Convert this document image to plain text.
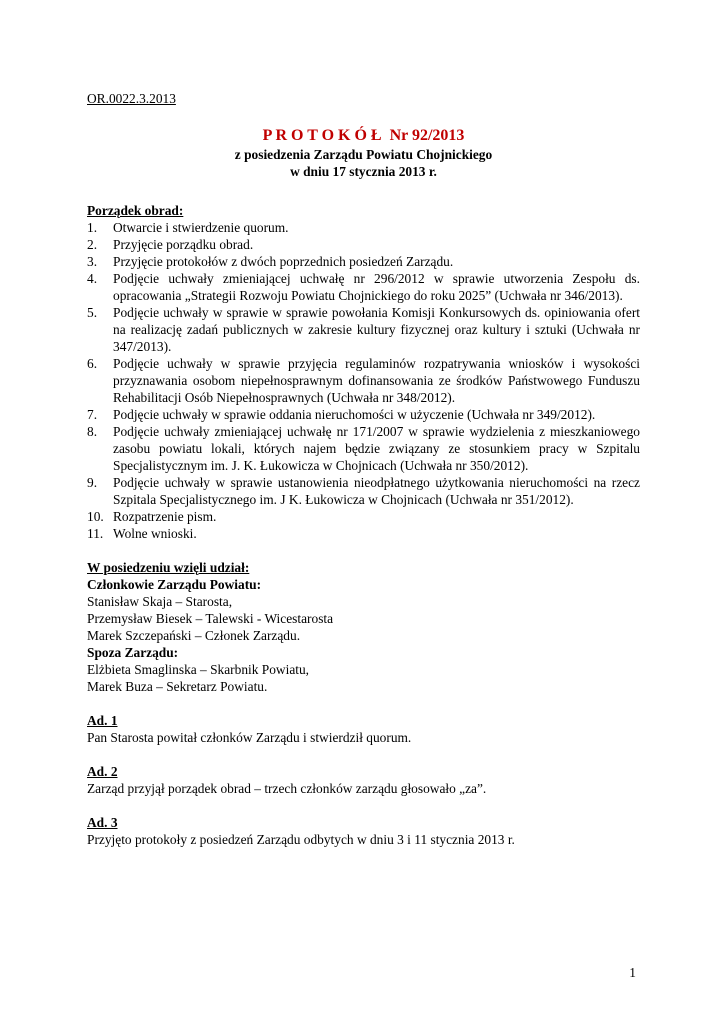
OR.0022.3.2013
P R O T O K Ó Ł Nr 92/2013
z posiedzenia Zarządu Powiatu Chojnickiego
w dniu 17 stycznia 2013 r.
Porządek obrad:
1.	Otwarcie i stwierdzenie quorum.
2.	Przyjęcie porządku obrad.
3.	Przyjęcie protokołów z dwóch poprzednich posiedzeń Zarządu.
4.	Podjęcie uchwały zmieniającej uchwałę nr 296/2012 w sprawie utworzenia Zespołu ds. opracowania „Strategii Rozwoju Powiatu Chojnickiego do roku 2025” (Uchwała nr 346/2013).
5.	Podjęcie uchwały w sprawie w sprawie powołania Komisji Konkursowych ds. opiniowania ofert na realizację zadań publicznych w zakresie kultury fizycznej oraz kultury i sztuki (Uchwała nr 347/2013).
6.	Podjęcie uchwały w sprawie przyjęcia regulaminów rozpatrywania wniosków i wysokości przyznawania osobom niepełnosprawnym dofinansowania ze środków Państwowego Funduszu Rehabilitacji Osób Niepełnosprawnych (Uchwała nr 348/2012).
7.	Podjęcie uchwały w sprawie oddania nieruchomości w użyczenie (Uchwała nr 349/2012).
8.	Podjęcie uchwały zmieniającej uchwałę nr 171/2007 w sprawie wydzielenia z mieszkaniowego zasobu powiatu lokali, których najem będzie związany ze stosunkiem pracy w Szpitalu Specjalistycznym im. J. K. Łukowicza w Chojnicach (Uchwała nr 350/2012).
9.	Podjęcie uchwały w sprawie ustanowienia nieodpłatnego użytkowania nieruchomości na rzecz Szpitala Specjalistycznego im. J K. Łukowicza w Chojnicach (Uchwała nr 351/2012).
10. Rozpatrzenie pism.
11. Wolne wnioski.
W posiedzeniu wzięli udział:
Członkowie Zarządu Powiatu:
Stanisław Skaja – Starosta,
Przemysław Biesek – Talewski - Wicestarosta
Marek Szczepański – Członek Zarządu.
Spoza Zarządu:
Elżbieta Smaglinska – Skarbnik Powiatu,
Marek Buza – Sekretarz Powiatu.
Ad. 1
Pan Starosta powitał członków Zarządu i stwierdził quorum.
Ad. 2
Zarząd przyjął porządek obrad – trzech członków zarządu głosowało „za”.
Ad. 3
Przyjęto protokoły z posiedzeń Zarządu odbytych w dniu 3 i 11 stycznia 2013 r.
1
